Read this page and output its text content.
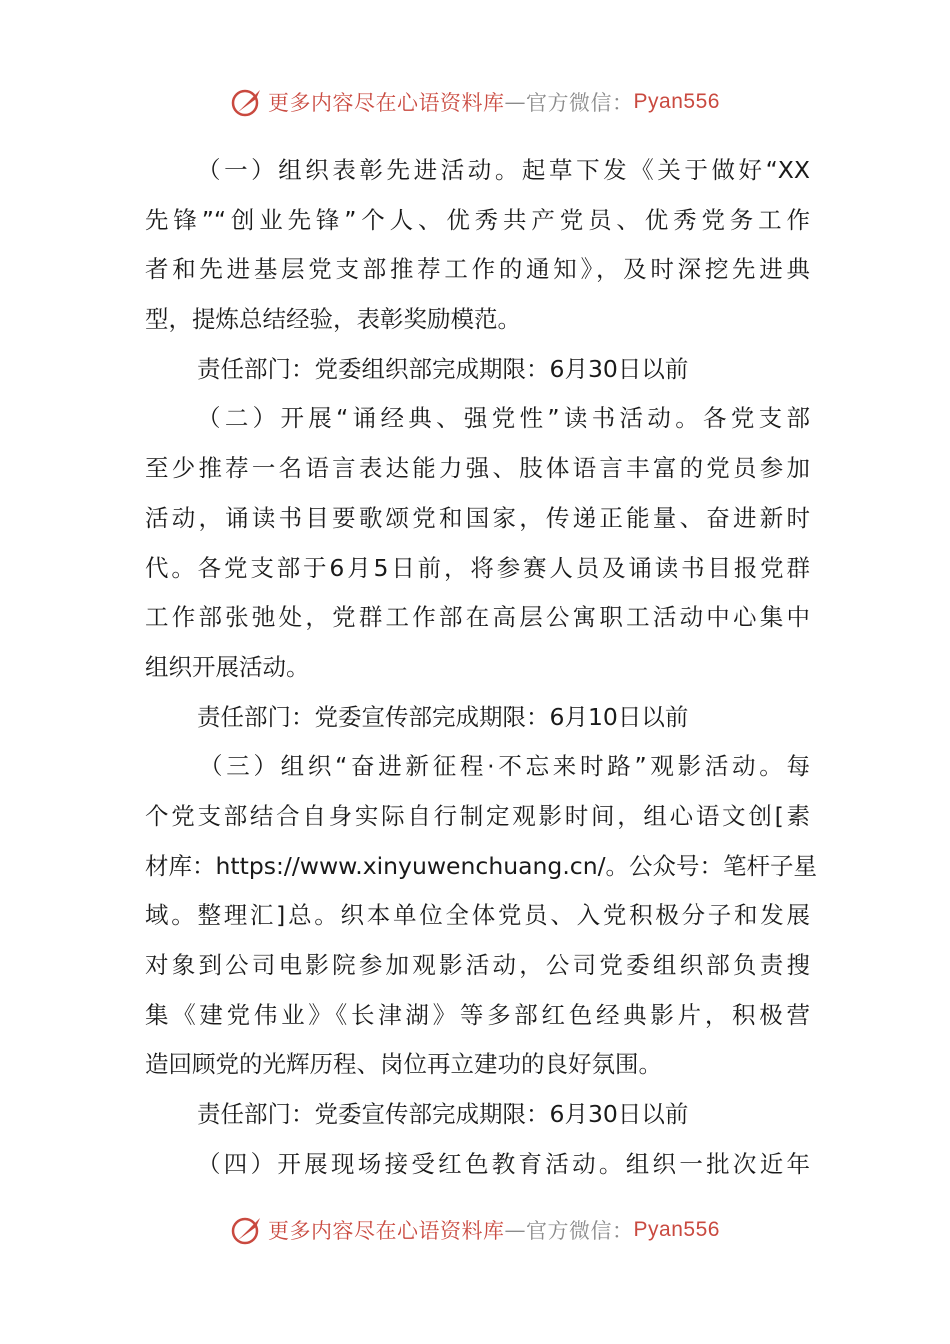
更多内容尽在心语资料库 — 官方微信： Pyan556
（一）组织表彰先进活动。起草下发《关于做好“XX
先锋”“创业先锋”个人、优秀共产党员、优秀党务工作
者和先进基层党支部推荐工作的通知》，及时深挖先进典
型，提炼总结经验，表彰奖励模范。
责任部门：党委组织部完成期限：6月30日以前
（二）开展“诵经典、强党性”读书活动。各党支部
至少推荐一名语言表达能力强、肢体语言丰富的党员参加
活动，诵读书目要歌颂党和国家，传递正能量、奋进新时
代。各党支部于6月5日前，将参赛人员及诵读书目报党群
工作部张弛处，党群工作部在高层公寓职工活动中心集中
组织开展活动。
责任部门：党委宣传部完成期限：6月10日以前
（三）组织“奋进新征程·不忘来时路”观影活动。每
个党支部结合自身实际自行制定观影时间，组心语文创[素
材库：https://www.xinyuwenchuang.cn/。公众号：笔杆子星
域。整理汇]总。织本单位全体党员、入党积极分子和发展
对象到公司电影院参加观影活动，公司党委组织部负责搜
集《建党伟业》《长津湖》等多部红色经典影片，积极营
造回顾党的光辉历程、岗位再立建功的良好氛围。
责任部门：党委宣传部完成期限：6月30日以前
（四）开展现场接受红色教育活动。组织一批次近年
更多内容尽在心语资料库 — 官方微信： Pyan556
